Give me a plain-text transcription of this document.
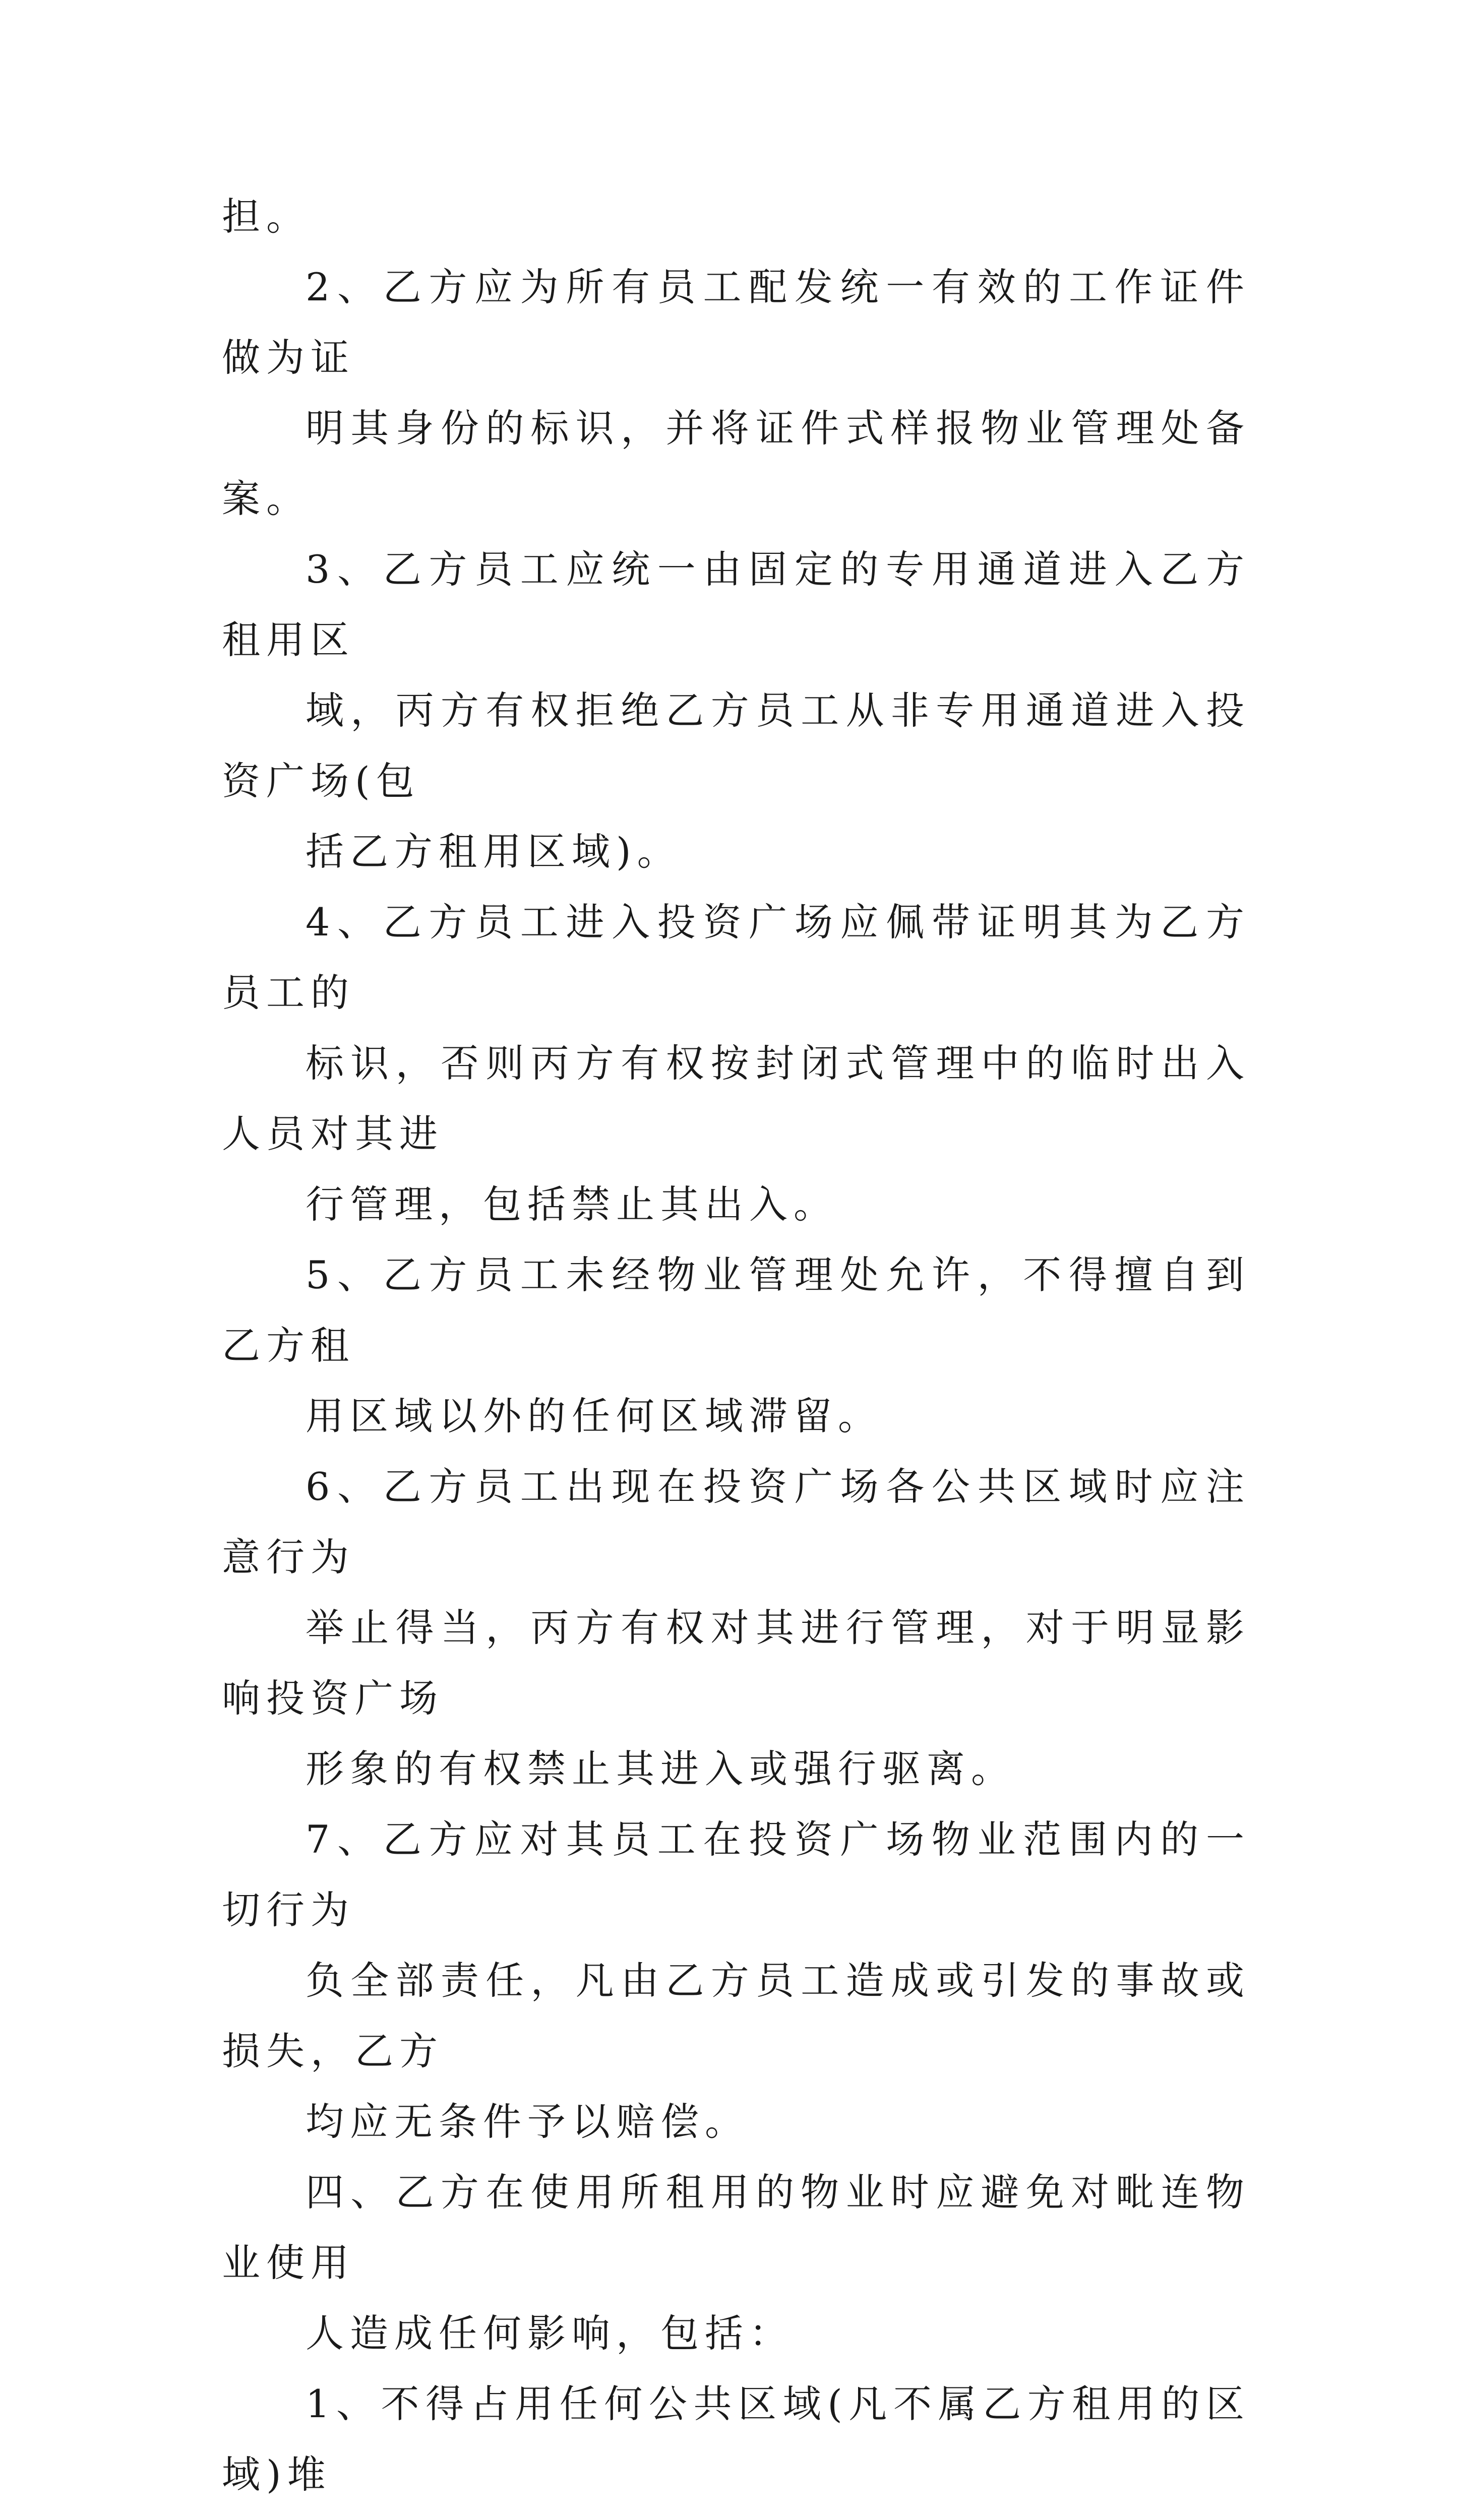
担。

2、乙方应为所有员工配发统一有效的工作证件做为证
明其身份的标识，并将证件式样报物业管理处备案。

3、乙方员工应统一由固定的专用通道进入乙方租用区
域，丙方有权拒绝乙方员工从非专用通道进入投资广场(包
括乙方租用区域)。

4、乙方员工进入投资广场应佩带证明其为乙方员工的
标识，否则丙方有权按封闭式管理中的临时出入人员对其进
行管理，包括禁止其出入。

5、乙方员工未经物业管理处允许，不得擅自到乙方租
用区域以外的任何区域滞留。

6、乙方员工出现在投资广场各公共区域时应注意行为
举止得当，丙方有权对其进行管理，对于明显影响投资广场
形象的有权禁止其进入或强行驱离。

7、乙方应对其员工在投资广场物业范围内的一切行为
负全部责任，凡由乙方员工造成或引发的事故或损失，乙方
均应无条件予以赔偿。

四、乙方在使用所租用的物业时应避免对毗连物业使用
人造成任何影响，包括：

1、不得占用任何公共区域(凡不属乙方租用的区域)堆
